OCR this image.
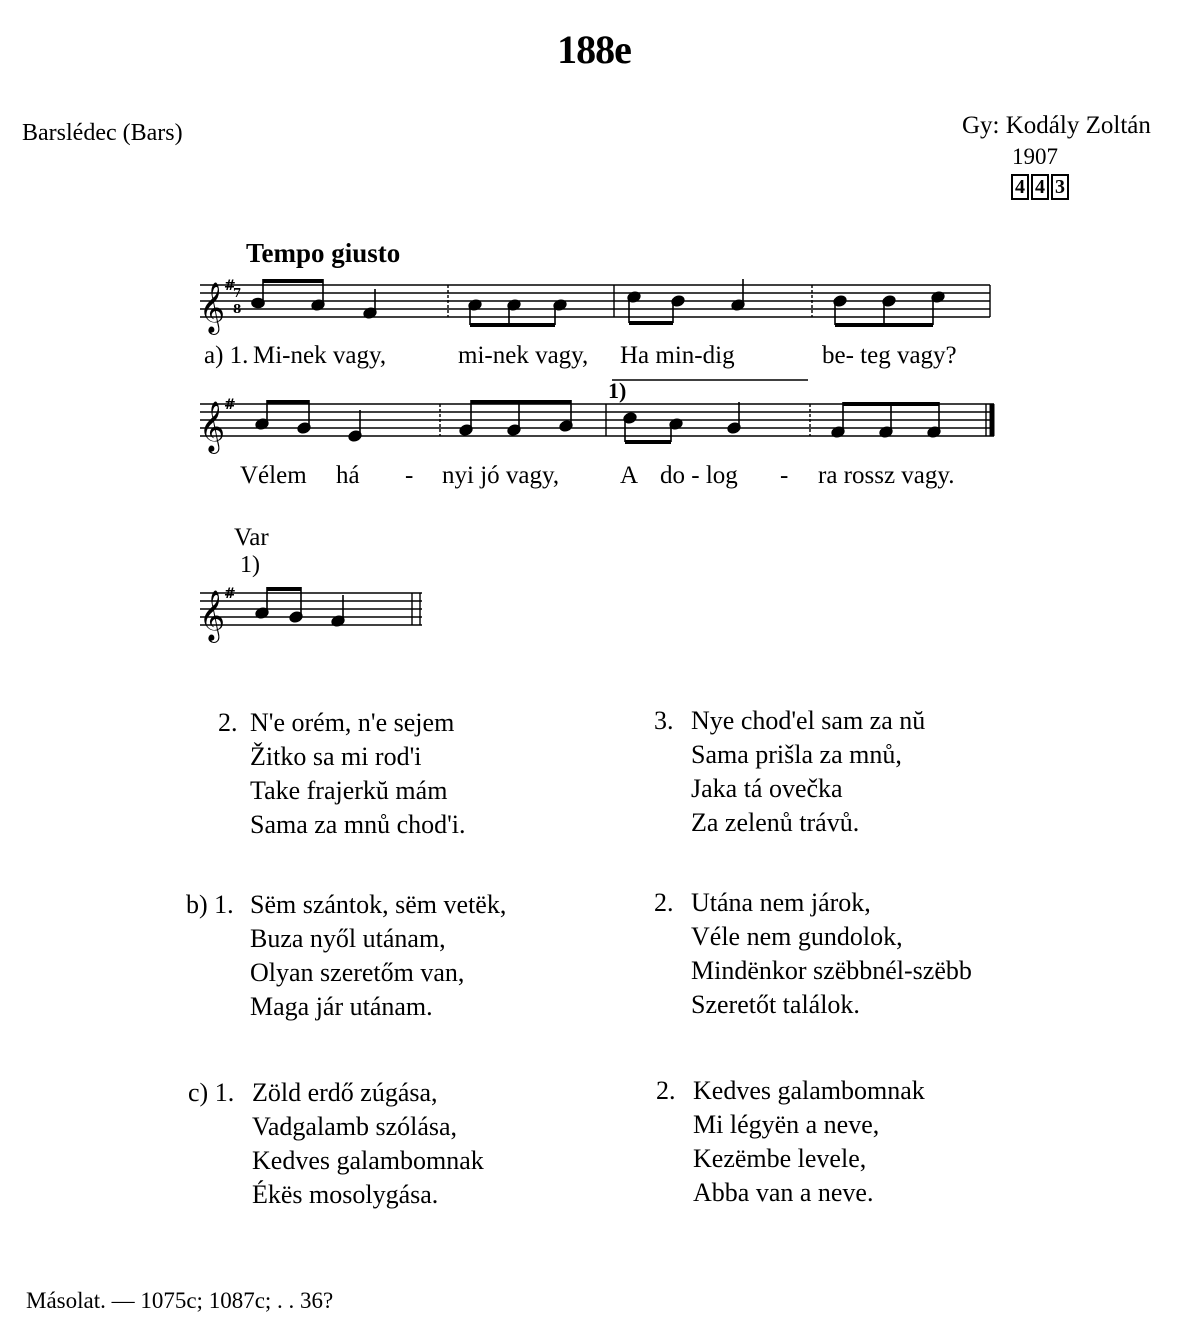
188e
Barslédec (Bars)	Gy: Kodály Zoltán
1907
4 4 3
Tempo giusto
𝄞
𝄞
𝄞
#
#
#
7
8
1)
a) 1. Mi-nek vagy,	mi-nek vagy, Ha min-dig	be- teg vagy?
Vélem há - nyi jó vagy, A do - log - ra rossz vagy.
Var
1)
2. N'e orém, n'e sejem
Žitko sa mi rod'i
Take frajerkŭ mám
Sama za mnů chod'i.
3. Nye chod'el sam za nŭ
Sama prišla za mnů,
Jaka tá ovečka
Za zelenů trávů.
b) 1. Sëm szántok, sëm vetëk,
Buza nyől utánam,
Olyan szeretőm van,
Maga jár utánam.
2. Utána nem járok,
Véle nem gundolok,
Mindënkor szëbbnél-szëbb
Szeretőt találok.
c) 1. Zöld erdő zúgása,
Vadgalamb szólása,
Kedves galambomnak
Ékës mosolygása.
2. Kedves galambomnak
Mi légyën a neve,
Kezëmbe levele,
Abba van a neve.
Másolat. — 1075c; 1087c; . . 36?
